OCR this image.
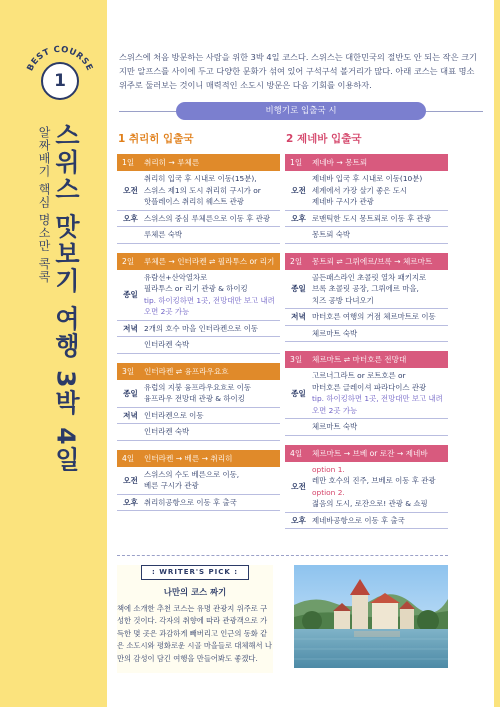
BEST COURSE
1
스위스 맛보기 여행 3박 4일
알짜배기 핵심 명소만 콕콕

스위스에 처음 방문하는 사람을 위한 3박 4일 코스다. 스위스는 대한민국의 절반도 안 되는 작은 크기지만 알프스를 사이에 두고 다양한 문화가 섞여 있어 구석구석 볼거리가 많다. 아래 코스는 대표 명소 위주로 둘러보는 것이니 매력적인 소도시 방문은 다음 기회를 이용하자.

비행기로 입출국 시
1 취리히 입출국
1일 취리히 → 루체른
오전
취리히 입국 후 시내로 이동(15분),
스위스 제1의 도시 취리히 구시가 or
핫플레이스 취리히 웨스트 관광
오후 스위스의 중심 루체른으로 이동 후 관광
루체른 숙박
2일 루체른 → 인터라켄 ⇌ 필라투스 or 리기
종일
유람선+산악열차로
필라투스 or 리기 관광 & 하이킹
tip. 하이킹하면 1곳, 전망대만 보고 내려 오면 2곳 가능
저녁 2개의 호수 마을 인터라켄으로 이동
인터라켄 숙박
3일 인터라켄 ⇌ 융프라우요흐
종일
유럽의 지붕 융프라우요흐로 이동
융프라우 전망대 관광 & 하이킹
저녁 인터라켄으로 이동
인터라켄 숙박
4일 인터라켄 → 베른 → 취리히
오전
스위스의 수도 베른으로 이동,
베른 구시가 관광
오후 취리히공항으로 이동 후 출국
2 제네바 입출국
1일 제네바 → 몽트뢰
오전
제네바 입국 후 시내로 이동(10분)
세계에서 가장 살기 좋은 도시
제네바 구시가 관광
오후 로맨틱한 도시 몽트뢰로 이동 후 관광
몽트뢰 숙박
2일 몽트뢰 ⇌ 그뤼에르/브록 → 체르마트
종일
골든패스라인 초콜릿 열차 패키지로
브록 초콜릿 공장, 그뤼에르 마을,
치즈 공방 다녀오기
저녁 마터호른 여행의 거점 체르마트로 이동
체르마트 숙박
3일 체르마트 ⇌ 마터호른 전망대
종일
고르너그라트 or 로트호른 or
마터호른 글레이셔 파라다이스 관광
tip. 하이킹하면 1곳, 전망대만 보고 내려 오면 2곳 가능
체르마트 숙박
4일 체르마트 → 브베 or 로잔 → 제네바
오전
option 1.
레만 호수의 진주, 브베로 이동 후 관광
option 2.
젊음의 도시, 로잔으로! 관광 & 쇼핑
오후 제네바공항으로 이동 후 출국
: WRITER'S PICK :
나만의 코스 짜기

책에 소개한 추천 코스는 유명 관광지 위주로 구성한 것이다. 각자의 취향에 따라 관광객으로 가득한 몇 곳은 과감하게 빼버리고 인근의 동화 같은 소도시와 평화로운 시골 마을들로 대체해서 나만의 감성이 담긴 여행을 만들어봐도 좋겠다.
